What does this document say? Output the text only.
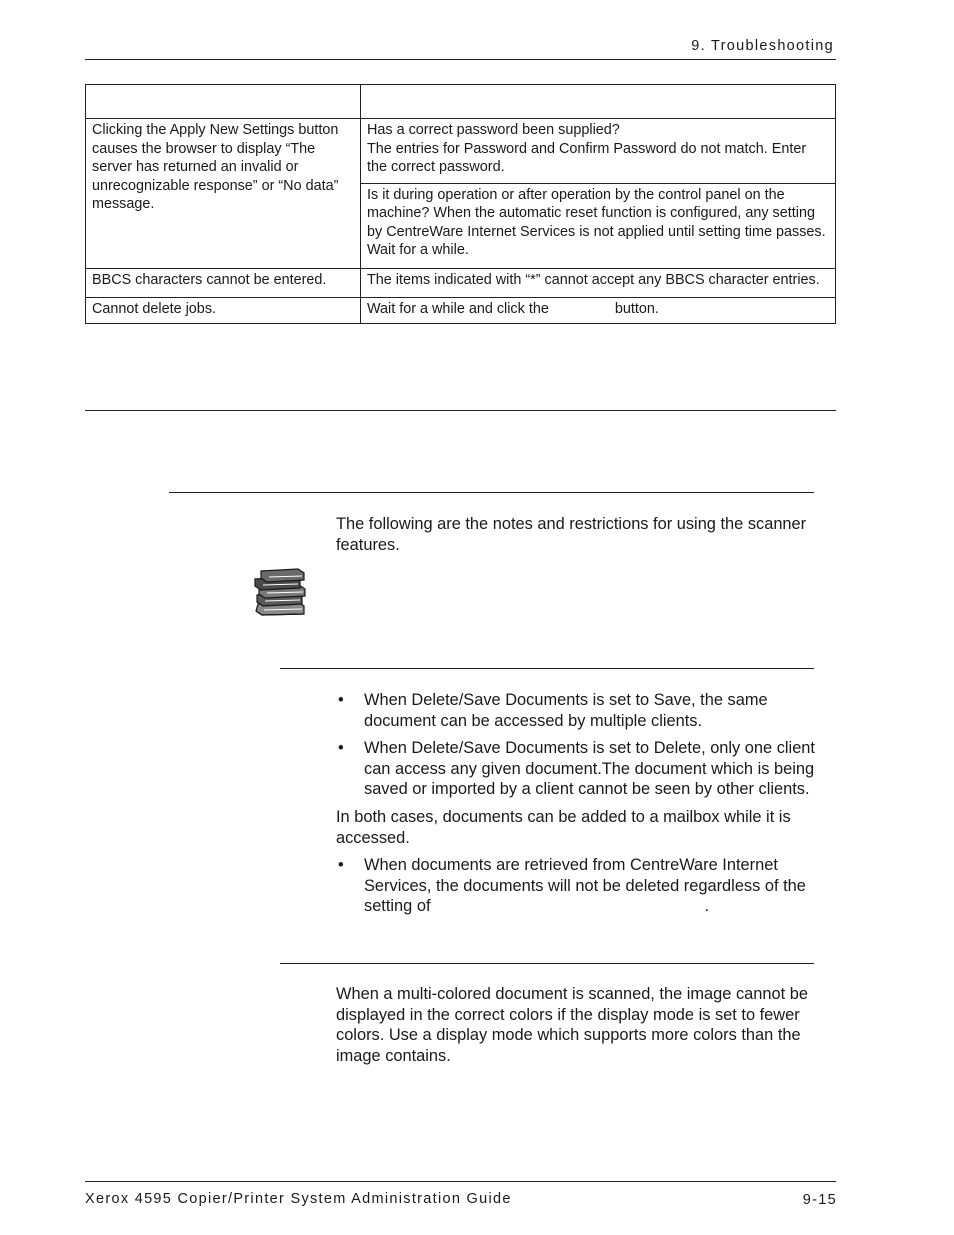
9. Troubleshooting

Clicking the Apply New Settings button causes the browser to display “The server has returned an invalid or unrecognizable response” or “No data” message.	Has a correct password been supplied?
The entries for Password and Confirm Password do not match. Enter the correct password.

	Is it during operation or after operation by the control panel on the machine? When the automatic reset function is configured, any setting by CentreWare Internet Services is not applied until setting time passes. Wait for a while.

BBCS characters cannot be entered.	The items indicated with “*” cannot accept any BBCS character entries.

Cannot delete jobs.	Wait for a while and click the button.
The following are the notes and restrictions for using the scanner features.
• When Delete/Save Documents is set to Save, the same document can be accessed by multiple clients.
• When Delete/Save Documents is set to Delete, only one client can access any given document.The document which is being saved or imported by a client cannot be seen by other clients.
In both cases, documents can be added to a mailbox while it is accessed.
• When documents are retrieved from CentreWare Internet Services, the documents will not be deleted regardless of the setting of	.
When a multi-colored document is scanned, the image cannot be displayed in the correct colors if the display mode is set to fewer colors. Use a display mode which supports more colors than the image contains.
Xerox 4595 Copier/Printer System Administration Guide	9-15
